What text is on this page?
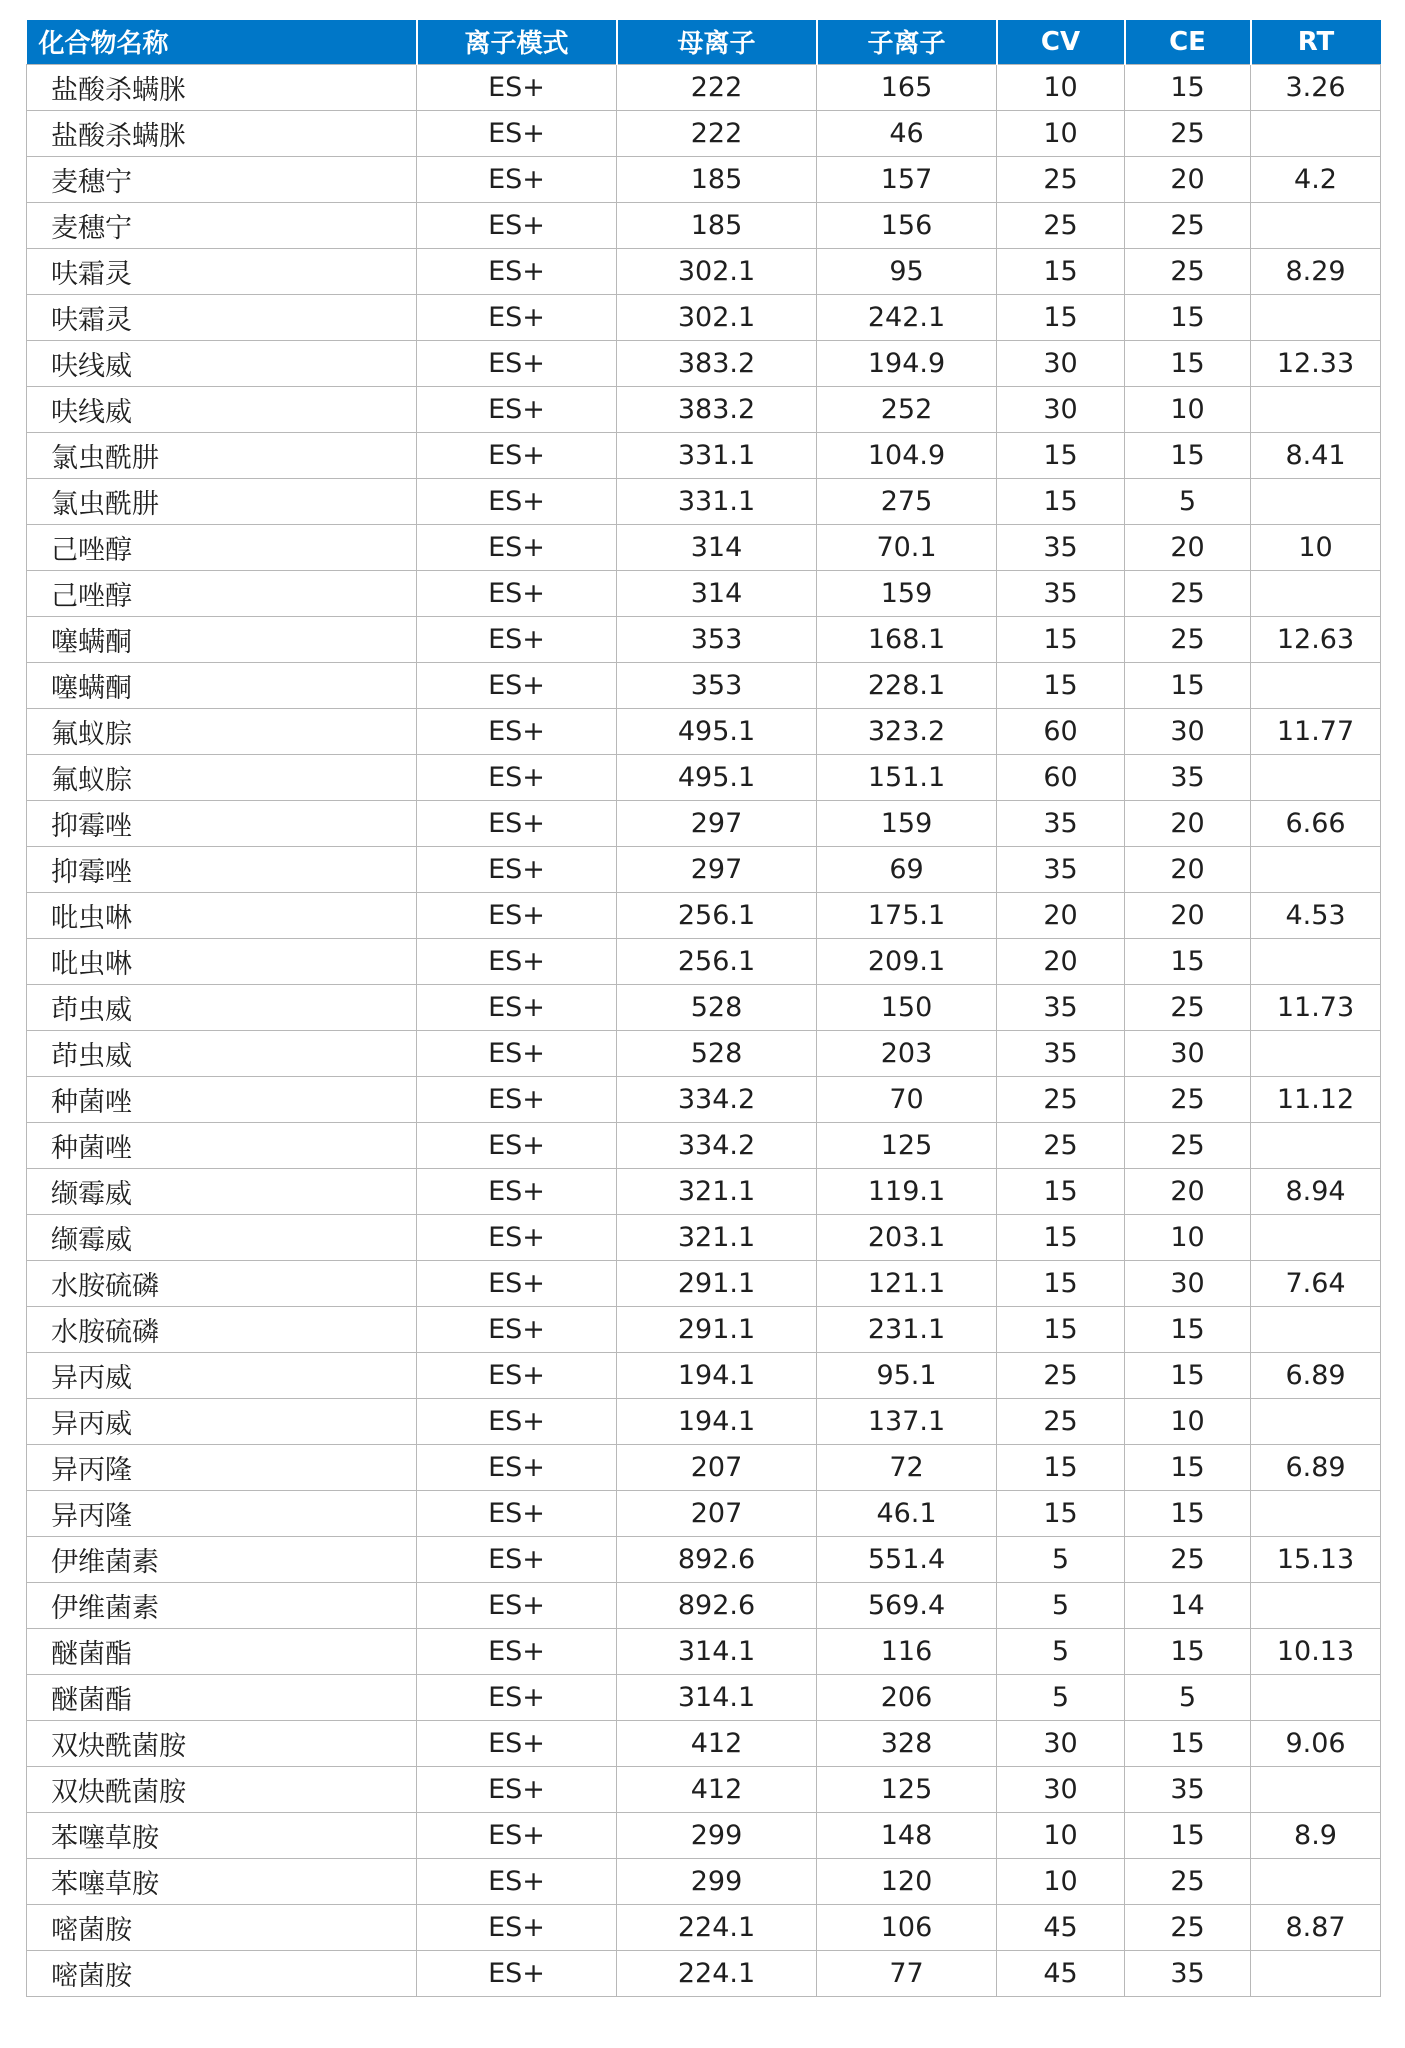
化合物名称	离子模式	母离子	子离子	CV	CE	RT
盐酸杀螨脒	ES+	222	165	10	15	3.26
盐酸杀螨脒	ES+	222	46	10	25	
麦穗宁	ES+	185	157	25	20	4.2
麦穗宁	ES+	185	156	25	25	
呋霜灵	ES+	302.1	95	15	25	8.29
呋霜灵	ES+	302.1	242.1	15	15	
呋线威	ES+	383.2	194.9	30	15	12.33
呋线威	ES+	383.2	252	30	10	
氯虫酰肼	ES+	331.1	104.9	15	15	8.41
氯虫酰肼	ES+	331.1	275	15	5	
己唑醇	ES+	314	70.1	35	20	10
己唑醇	ES+	314	159	35	25	
噻螨酮	ES+	353	168.1	15	25	12.63
噻螨酮	ES+	353	228.1	15	15	
氟蚁腙	ES+	495.1	323.2	60	30	11.77
氟蚁腙	ES+	495.1	151.1	60	35	
抑霉唑	ES+	297	159	35	20	6.66
抑霉唑	ES+	297	69	35	20	
吡虫啉	ES+	256.1	175.1	20	20	4.53
吡虫啉	ES+	256.1	209.1	20	15	
茚虫威	ES+	528	150	35	25	11.73
茚虫威	ES+	528	203	35	30	
种菌唑	ES+	334.2	70	25	25	11.12
种菌唑	ES+	334.2	125	25	25	
缬霉威	ES+	321.1	119.1	15	20	8.94
缬霉威	ES+	321.1	203.1	15	10	
水胺硫磷	ES+	291.1	121.1	15	30	7.64
水胺硫磷	ES+	291.1	231.1	15	15	
异丙威	ES+	194.1	95.1	25	15	6.89
异丙威	ES+	194.1	137.1	25	10	
异丙隆	ES+	207	72	15	15	6.89
异丙隆	ES+	207	46.1	15	15	
伊维菌素	ES+	892.6	551.4	5	25	15.13
伊维菌素	ES+	892.6	569.4	5	14	
醚菌酯	ES+	314.1	116	5	15	10.13
醚菌酯	ES+	314.1	206	5	5	
双炔酰菌胺	ES+	412	328	30	15	9.06
双炔酰菌胺	ES+	412	125	30	35	
苯噻草胺	ES+	299	148	10	15	8.9
苯噻草胺	ES+	299	120	10	25	
嘧菌胺	ES+	224.1	106	45	25	8.87
嘧菌胺	ES+	224.1	77	45	35	
